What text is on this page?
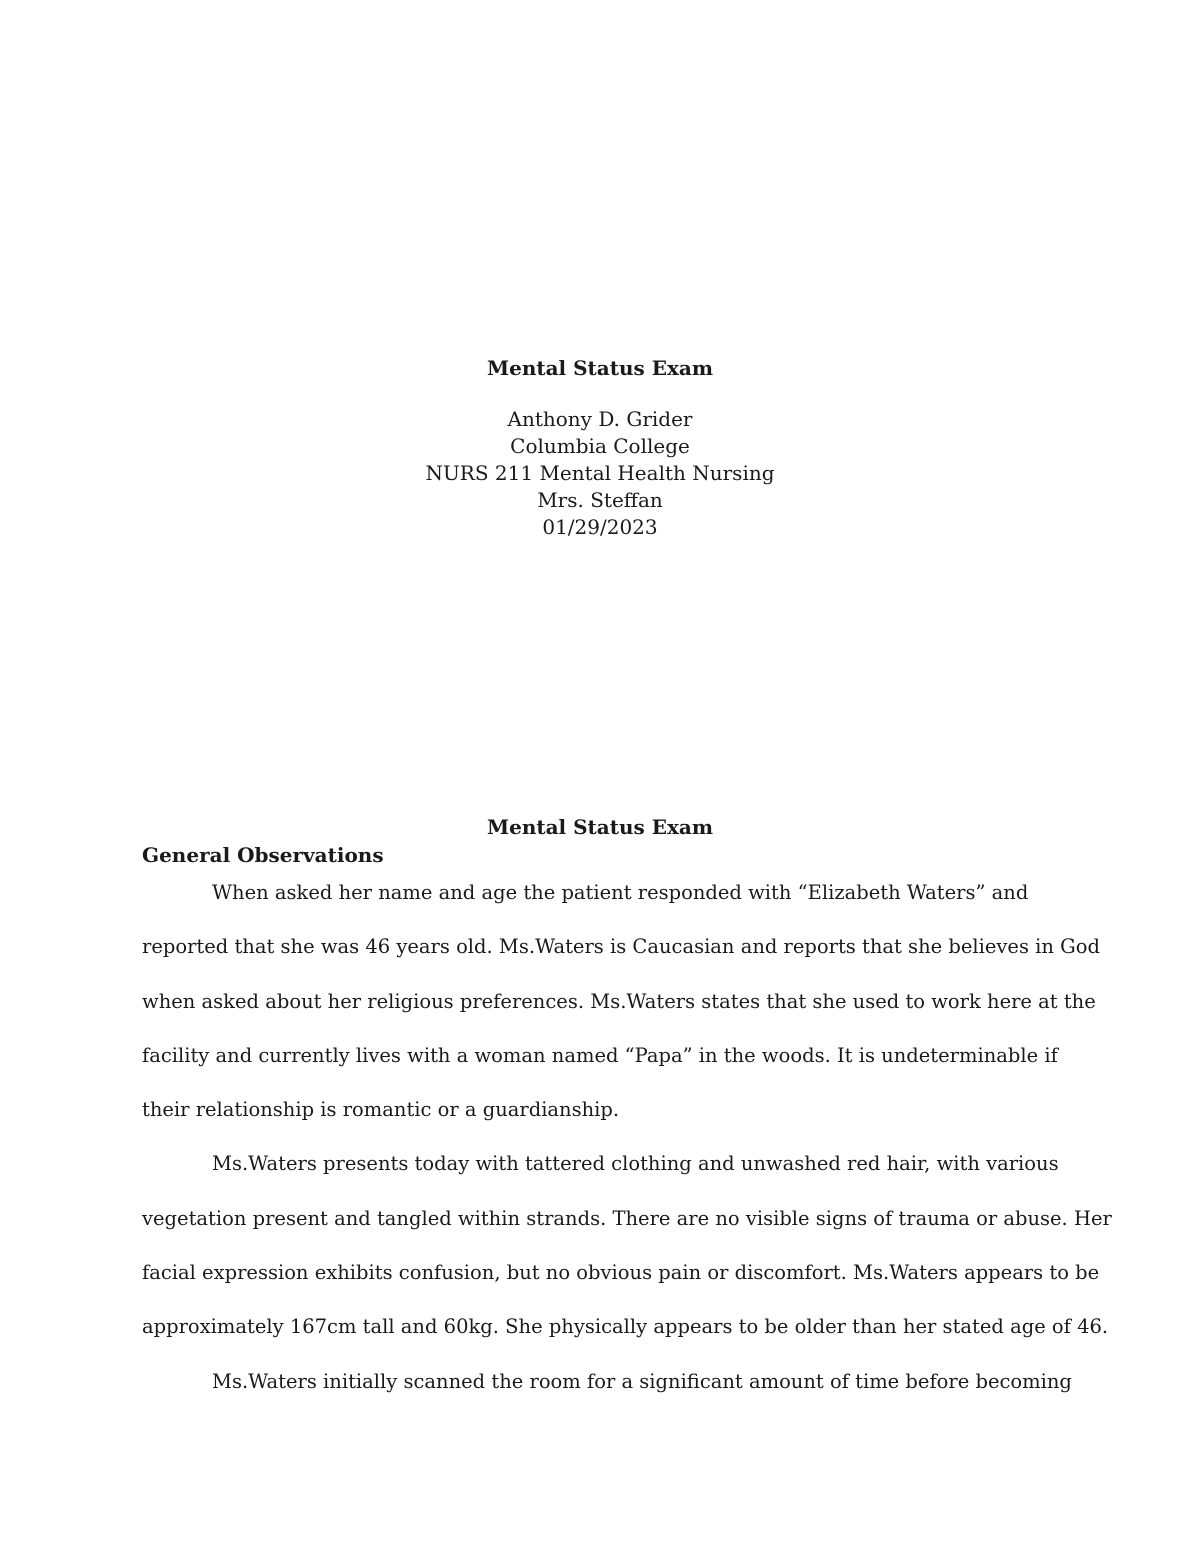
Mental Status Exam

Anthony D. Grider

Columbia College

NURS 211 Mental Health Nursing

Mrs. Steffan

01/29/2023

Mental Status Exam

General Observations

When asked her name and age the patient responded with “Elizabeth Waters” and
reported that she was 46 years old. Ms.Waters is Caucasian and reports that she believes in God
when asked about her religious preferences. Ms.Waters states that she used to work here at the
facility and currently lives with a woman named “Papa” in the woods. It is undeterminable if
their relationship is romantic or a guardianship.
Ms.Waters presents today with tattered clothing and unwashed red hair, with various
vegetation present and tangled within strands. There are no visible signs of trauma or abuse. Her
facial expression exhibits confusion, but no obvious pain or discomfort. Ms.Waters appears to be
approximately 167cm tall and 60kg. She physically appears to be older than her stated age of 46.
Ms.Waters initially scanned the room for a significant amount of time before becoming
